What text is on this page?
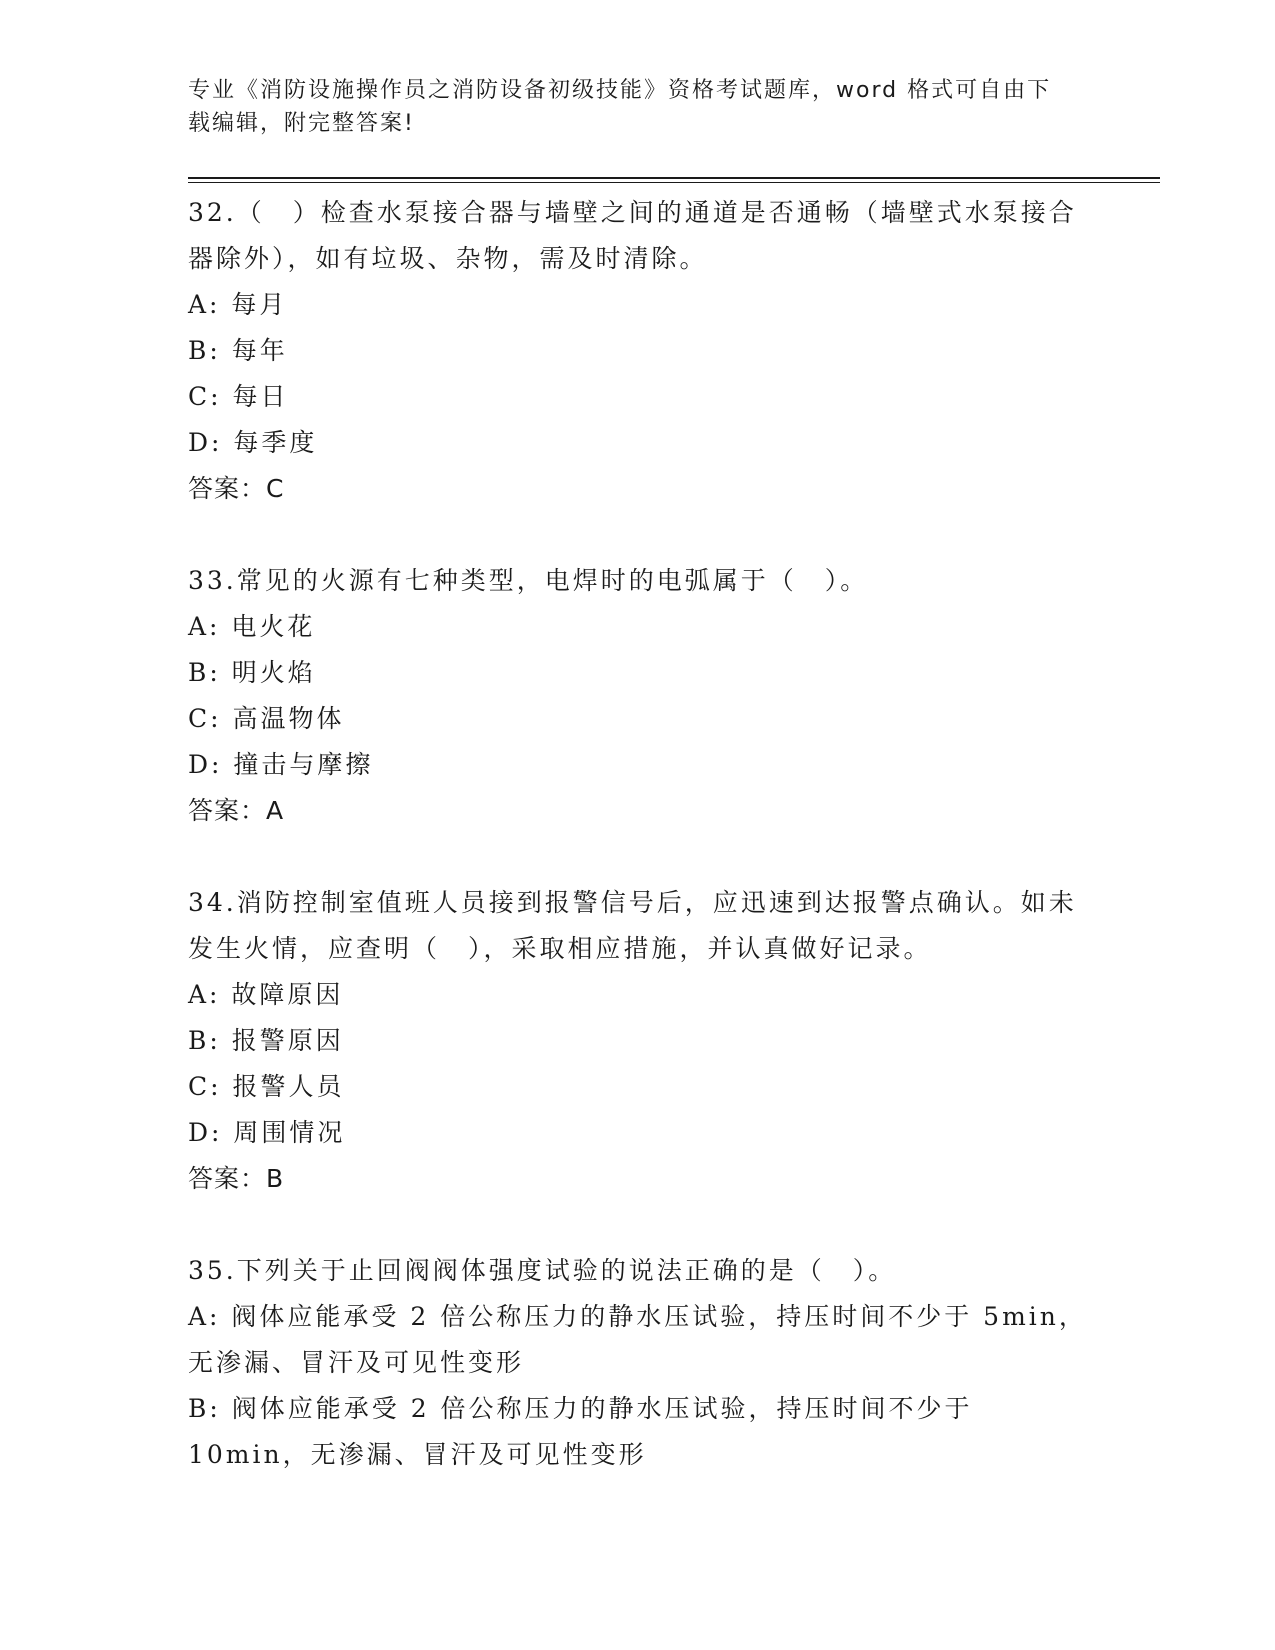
专业《消防设施操作员之消防设备初级技能》资格考试题库，word 格式可自由下载编辑，附完整答案!

32.（　）检查水泵接合器与墙壁之间的通道是否通畅（墙壁式水泵接合器除外），如有垃圾、杂物，需及时清除。

A: 每月

B: 每年

C: 每日

D: 每季度

答案：C

33.常见的火源有七种类型，电焊时的电弧属于（　）。

A: 电火花

B: 明火焰

C: 高温物体

D: 撞击与摩擦

答案：A

34.消防控制室值班人员接到报警信号后，应迅速到达报警点确认。如未发生火情，应查明（　），采取相应措施，并认真做好记录。

A: 故障原因

B: 报警原因

C: 报警人员

D: 周围情况

答案：B

35.下列关于止回阀阀体强度试验的说法正确的是（　）。

A: 阀体应能承受 2 倍公称压力的静水压试验，持压时间不少于 5min，无渗漏、冒汗及可见性变形

B: 阀体应能承受 2 倍公称压力的静水压试验，持压时间不少于 10min，无渗漏、冒汗及可见性变形
